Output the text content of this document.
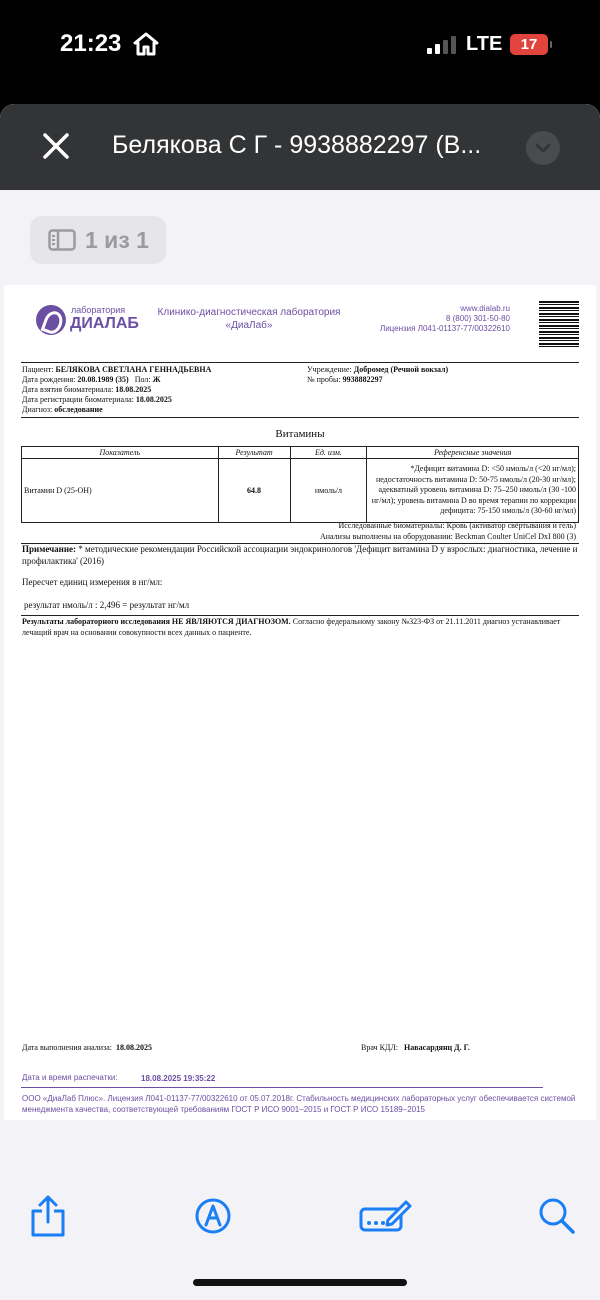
21:23	LTE	17
Белякова С Г - 9938882297 (В...
1 из 1
лаборатория
ДИАЛАБ
Клинико-диагностическая лаборатория
«ДиаЛаб»
www.dialab.ru
8 (800) 301-50-80
Лицензия Л041-01137-77/00322610
Пациент: БЕЛЯКОВА СВЕТЛАНА ГЕННАДЬЕВНА
Дата рождения: 20.08.1989 (35) Пол: Ж
Дата взятия биоматериала: 18.08.2025
Дата регистрации биоматериала: 18.08.2025
Диагноз: обследование
Учреждение: Добромед (Речной вокзал)
№ пробы: 9938882297
Витамины
Показатель	Результат	Ед. изм.	Референсные значения
Витамин D (25-OH)	64.8	нмоль/л	*Дефицит витамина D: <50 нмоль/л (<20 нг/мл); недостаточность витамина D: 50-75 нмоль/л (20-30 нг/мл); адекватный уровень витамина D: 75–250 нмоль/л (30 -100 нг/мл); уровень витамина D во время терапии по коррекции дефицита: 75-150 нмоль/л (30-60 нг/мл)
Исследованные биоматериалы: Кровь (активатор свёртывания и гель)
Анализы выполнены на оборудовании: Beckman Coulter UniCel DxI 800 (3)
Примечание: * методические рекомендации Российской ассоциации эндокринологов 'Дефицит витамина D у взрослых: диагностика, лечение и профилактика' (2016)
Пересчет единиц измерения в нг/мл:
результат нмоль/л : 2,496 = результат нг/мл
Результаты лабораторного исследования НЕ ЯВЛЯЮТСЯ ДИАГНОЗОМ. Согласно федеральному закону №323-ФЗ от 21.11.2011 диагноз устанавливает лечащий врач на основании совокупности всех данных о пациенте.
Дата выполнения анализа: 18.08.2025	Врач КДЛ: Навасардянц Д. Г.
Дата и время распечатки:	18.08.2025 19:35:22
ООО «ДиаЛаб Плюс». Лицензия Л041-01137-77/00322610 от 05.07.2018г. Стабильность медицинских лабораторных услуг обеспечивается системой менеджмента качества, соответствующей требованиям ГОСТ Р ИСО 9001–2015 и ГОСТ Р ИСО 15189–2015
